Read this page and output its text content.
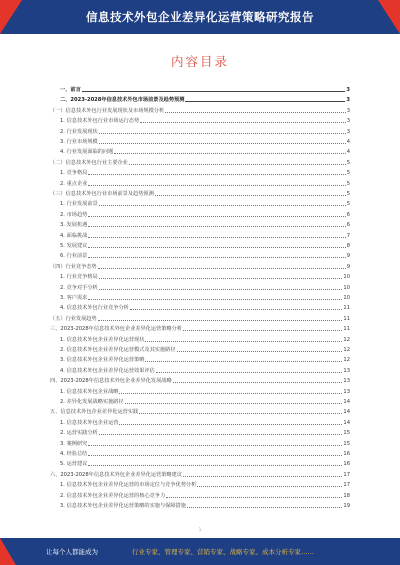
信息技术外包企业差异化运营策略研究报告
内容目录
一、前言	3
二、2023-2028年信息技术外包市场前景及趋势预测	3
（一）信息技术外包行业发展现状及市场规模分析	3
1. 信息技术外包行业市场运行态势	3
2. 行业发展现状	3
3. 行业市场规模	4
4. 行业发展面临的问题	4
（二）信息技术外包行业主要企业	5
1. 竞争格局	5
2. 重点企业	5
（三）信息技术外包行业市场前景及趋势预测	5
1. 行业发展前景	5
2. 市场趋势	6
3. 发展机遇	6
4. 面临挑战	7
5. 发展建议	8
6. 行业前景	9
（四）行业竞争态势	9
1. 行业竞争格局	10
2. 竞争对手分析	10
3. 客户需求	10
4. 信息技术外包行业竞争分析	11
（五）行业发展趋势	11
三、2023-2028年信息技术外包企业差异化运营策略分析	11
1. 信息技术外包企业差异化运营现状	12
2. 信息技术外包企业差异化运营模式及其实施路径	12
3. 信息技术外包企业差异化运营策略	12
4. 信息技术外包企业差异化运营效果评估	13
四、2023-2028年信息技术外包企业差异化发展战略	13
1. 信息技术外包企业战略	13
2. 差异化发展战略实施路径	14
五、信息技术外包企业差异化运营实践	14
1. 信息技术外包企业运营	14
2. 运营实践分析	15
3. 案例研究	15
4. 经验总结	16
5. 运营建议	16
六、2023-2028年信息技术外包企业差异化运营策略建议	17
1. 信息技术外包企业差异化运营的市场定位与竞争优势分析	17
2. 信息技术外包企业差异化运营的核心竞争力	18
3. 信息技术外包企业差异化运营策略的实施与保障措施	19
1
让每个人都能成为	行业专家、管理专家、营销专家、战略专家、成本分析专家……
